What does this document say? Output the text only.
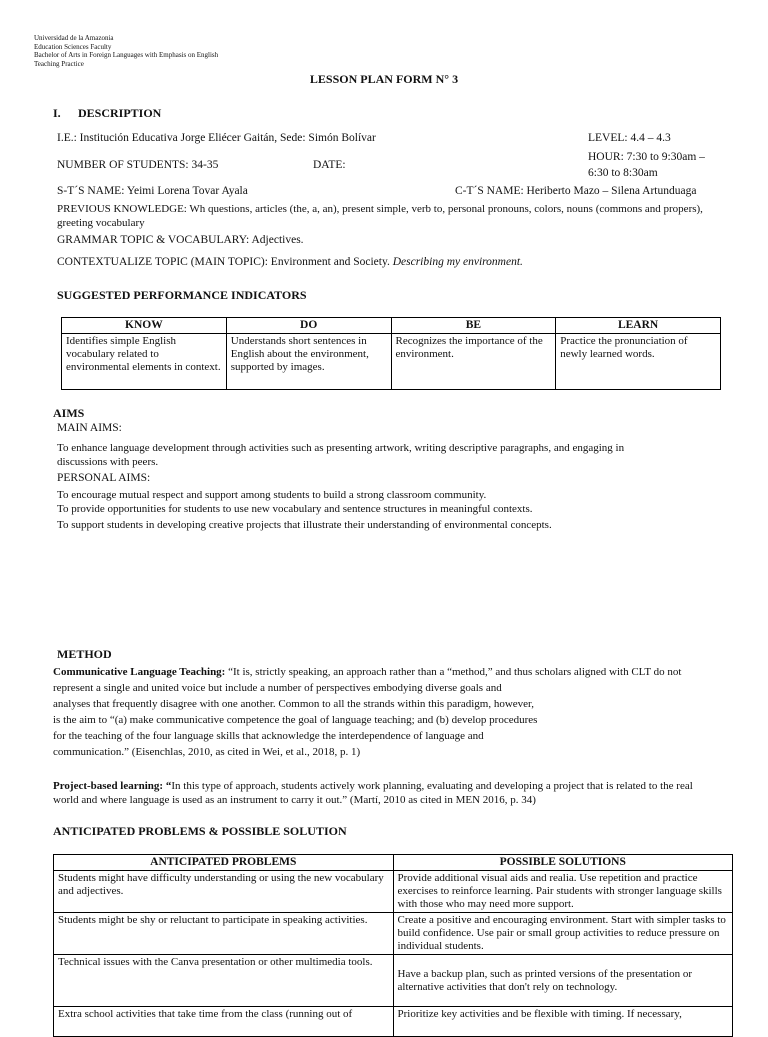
Universidad de la Amazonia
Education Sciences Faculty
Bachelor of Arts in Foreign Languages with Emphasis on English
Teaching Practice
LESSON PLAN FORM N° 3
I. DESCRIPTION
I.E.: Institución Educativa Jorge Eliécer Gaitán, Sede: Simón Bolívar	LEVEL: 4.4 – 4.3
NUMBER OF STUDENTS: 34-35	DATE:
HOUR: 7:30 to 9:30am –
6:30 to 8:30am
S-T´S NAME: Yeimi Lorena Tovar Ayala	C-T´S NAME: Heriberto Mazo – Silena Artunduaga
PREVIOUS KNOWLEDGE: Wh questions, articles (the, a, an), present simple, verb to, personal pronouns, colors, nouns (commons and propers),
greeting vocabulary
GRAMMAR TOPIC & VOCABULARY: Adjectives.
CONTEXTUALIZE TOPIC (MAIN TOPIC): Environment and Society. Describing my environment.
SUGGESTED PERFORMANCE INDICATORS
KNOW	DO	BE	LEARN
Identifies simple English vocabulary related to environmental elements in context.	Understands short sentences in English about the environment, supported by images.	Recognizes the importance of the environment.	Practice the pronunciation of newly learned words.
AIMS
MAIN AIMS:
To enhance language development through activities such as presenting artwork, writing descriptive paragraphs, and engaging in
discussions with peers.
PERSONAL AIMS:
To encourage mutual respect and support among students to build a strong classroom community.
To provide opportunities for students to use new vocabulary and sentence structures in meaningful contexts.
To support students in developing creative projects that illustrate their understanding of environmental concepts.
METHOD
Communicative Language Teaching: “It is, strictly speaking, an approach rather than a “method,” and thus scholars aligned with CLT do not
represent a single and united voice but include a number of perspectives embodying diverse goals and
analyses that frequently disagree with one another. Common to all the strands within this paradigm, however,
is the aim to “(a) make communicative competence the goal of language teaching; and (b) develop procedures
for the teaching of the four language skills that acknowledge the interdependence of language and
communication.” (Eisenchlas, 2010, as cited in Wei, et al., 2018, p. 1)
Project-based learning: “In this type of approach, students actively work planning, evaluating and developing a project that is related to the real
world and where language is used as an instrument to carry it out.” (Martí, 2010 as cited in MEN 2016, p. 34)
ANTICIPATED PROBLEMS & POSSIBLE SOLUTION
ANTICIPATED PROBLEMS	POSSIBLE SOLUTIONS
Students might have difficulty understanding or using the new vocabulary and adjectives.	Provide additional visual aids and realia. Use repetition and practice exercises to reinforce learning. Pair students with stronger language skills with those who may need more support.
Students might be shy or reluctant to participate in speaking activities.	Create a positive and encouraging environment. Start with simpler tasks to build confidence. Use pair or small group activities to reduce pressure on individual students.
Technical issues with the Canva presentation or other multimedia tools.	Have a backup plan, such as printed versions of the presentation or alternative activities that don't rely on technology.
Extra school activities that take time from the class (running out of	Prioritize key activities and be flexible with timing. If necessary,
